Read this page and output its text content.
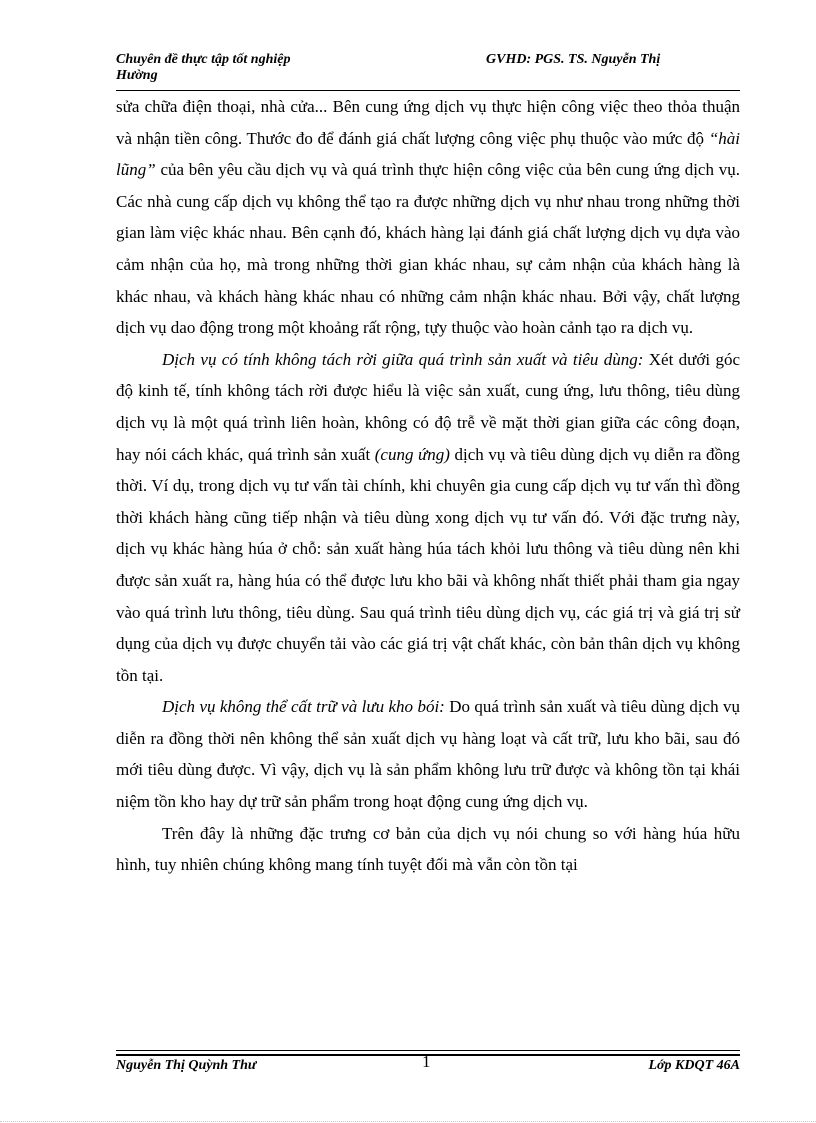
Chuyên đề thực tập tốt nghiệp
Hường
GVHD: PGS. TS. Nguyễn Thị

sửa chữa điện thoại, nhà cửa... Bên cung ứng dịch vụ thực hiện công việc theo thỏa thuận và nhận tiền công. Thước đo để đánh giá chất lượng công việc phụ thuộc vào mức độ “hài lũng” của bên yêu cầu dịch vụ và quá trình thực hiện công việc của bên cung ứng dịch vụ. Các nhà cung cấp dịch vụ không thể tạo ra được những dịch vụ như nhau trong những thời gian làm việc khác nhau. Bên cạnh đó, khách hàng lại đánh giá chất lượng dịch vụ dựa vào cảm nhận của họ, mà trong những thời gian khác nhau, sự cảm nhận của khách hàng là khác nhau, và khách hàng khác nhau có những cảm nhận khác nhau. Bởi vậy, chất lượng dịch vụ dao động trong một khoảng rất rộng, tựy thuộc vào hoàn cảnh tạo ra dịch vụ.

Dịch vụ có tính không tách rời giữa quá trình sản xuất và tiêu dùng: Xét dưới góc độ kinh tế, tính không tách rời được hiểu là việc sản xuất, cung ứng, lưu thông, tiêu dùng dịch vụ là một quá trình liên hoàn, không có độ trễ về mặt thời gian giữa các công đoạn, hay nói cách khác, quá trình sản xuất (cung ứng) dịch vụ và tiêu dùng dịch vụ diễn ra đồng thời. Ví dụ, trong dịch vụ tư vấn tài chính, khi chuyên gia cung cấp dịch vụ tư vấn thì đồng thời khách hàng cũng tiếp nhận và tiêu dùng xong dịch vụ tư vấn đó. Với đặc trưng này, dịch vụ khác hàng húa ở chỗ: sản xuất hàng húa tách khỏi lưu thông và tiêu dùng nên khi được sản xuất ra, hàng húa có thể được lưu kho bãi và không nhất thiết phải tham gia ngay vào quá trình lưu thông, tiêu dùng. Sau quá trình tiêu dùng dịch vụ, các giá trị và giá trị sử dụng của dịch vụ được chuyển tải vào các giá trị vật chất khác, còn bản thân dịch vụ không tồn tại.

Dịch vụ không thể cất trữ và lưu kho bói: Do quá trình sản xuất và tiêu dùng dịch vụ diễn ra đồng thời nên không thể sản xuất dịch vụ hàng loạt và cất trữ, lưu kho bãi, sau đó mới tiêu dùng được. Vì vậy, dịch vụ là sản phẩm không lưu trữ được và không tồn tại khái niệm tồn kho hay dự trữ sản phẩm trong hoạt động cung ứng dịch vụ.

Trên đây là những đặc trưng cơ bản của dịch vụ nói chung so với hàng húa hữu hình, tuy nhiên chúng không mang tính tuyệt đối mà vẫn còn tồn tại

Nguyễn Thị Quỳnh Thư	1	Lớp KDQT 46A
